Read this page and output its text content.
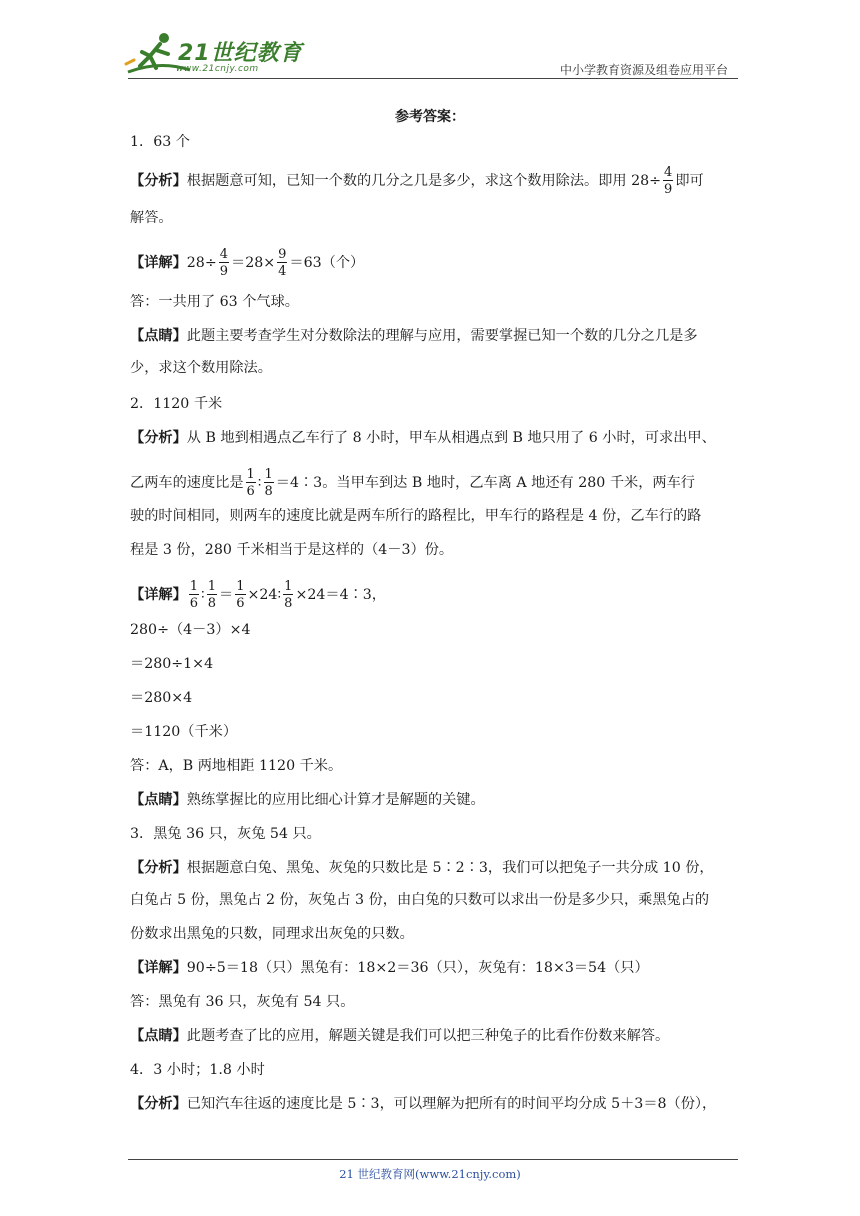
21世纪教育
www.21cnjy.com	中小学教育资源及组卷应用平台
参考答案：
1．63 个
【分析】根据题意可知，已知一个数的几分之几是多少，求这个数用除法。即用 $28\div \frac{4}{9}$ 即可
解答。
【详解】$28\div \frac{4}{9} =28\times \frac{9}{4} =63$（个）
答：一共用了 63 个气球。
【点睛】此题主要考查学生对分数除法的理解与应用，需要掌握已知一个数的几分之几是多
少，求这个数用除法。
2．1120 千米
【分析】从 B 地到相遇点乙车行了 8 小时，甲车从相遇点到 B 地只用了 6 小时，可求出甲、
乙两车的速度比是 $\frac{1}{6}$ ∶ $\frac{1}{8}$ ＝4∶3。当甲车到达 B 地时，乙车离 A 地还有 280 千米，两车行
驶的时间相同，则两车的速度比就是两车所行的路程比，甲车行的路程是 4 份，乙车行的路
程是 3 份，280 千米相当于是这样的（4－3）份。
【详解】 $\frac{1}{6}$ ∶ $\frac{1}{8} = \frac{1}{6}$ ×24∶ $\frac{1}{8}$ ×24＝4∶3，
280÷（4－3）×4
＝280÷1×4
＝280×4
＝1120（千米）
答：A，B 两地相距 1120 千米。
【点睛】熟练掌握比的应用比细心计算才是解题的关键。
3．黑兔 36 只，灰兔 54 只。
【分析】根据题意白兔、黑兔、灰兔的只数比是 5∶2∶3，我们可以把兔子一共分成 10 份，
白兔占 5 份，黑兔占 2 份，灰兔占 3 份，由白兔的只数可以求出一份是多少只，乘黑兔占的
份数求出黑兔的只数，同理求出灰兔的只数。
【详解】90÷5＝18（只）黑兔有：18×2＝36（只），灰兔有：18×3＝54（只）
答：黑兔有 36 只，灰兔有 54 只。
【点睛】此题考查了比的应用，解题关键是我们可以把三种兔子的比看作份数来解答。
4．3 小时；1.8 小时
【分析】已知汽车往返的速度比是 5∶3，可以理解为把所有的时间平均分成 5＋3＝8（份），
21 世纪教育网(www.21cnjy.com)
